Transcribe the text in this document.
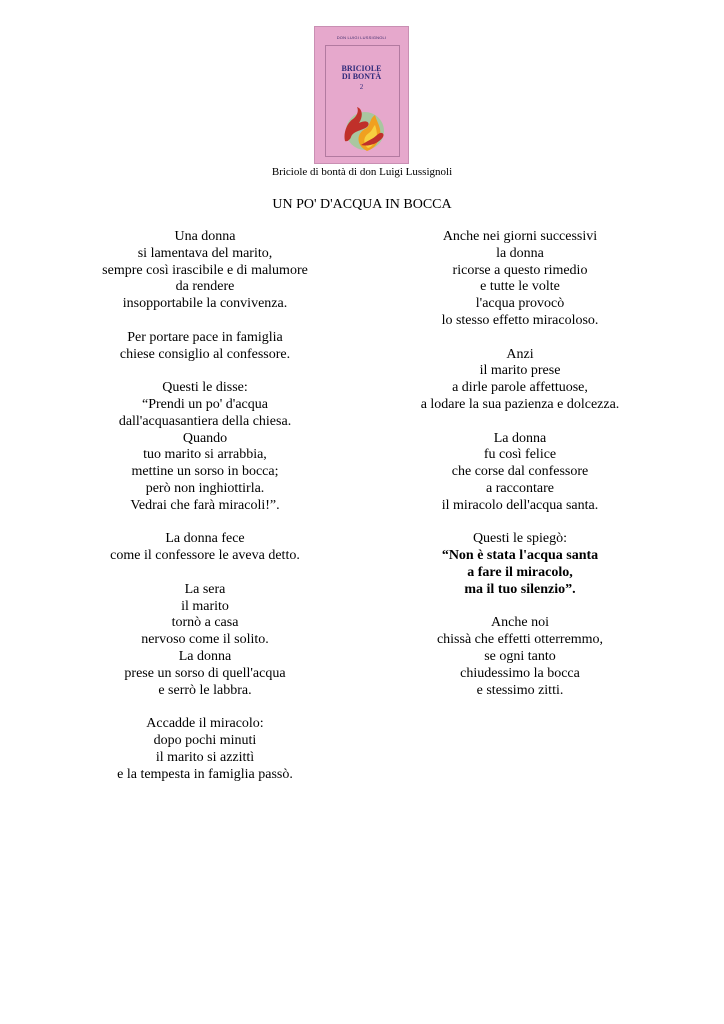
DON LUIGI LUSSIGNOLI
BRICIOLE
DI BONTÀ
2
Briciole di bontà di don Luigi Lussignoli
UN PO' D'ACQUA IN BOCCA
Una donna
si lamentava del marito,
sempre così irascibile e di malumore
da rendere
insopportabile la convivenza.
Per portare pace in famiglia
chiese consiglio al confessore.
Questi le disse:
“Prendi un po' d'acqua
dall'acquasantiera della chiesa.
Quando
tuo marito si arrabbia,
mettine un sorso in bocca;
però non inghiottirla.
Vedrai che farà miracoli!”.
La donna fece
come il confessore le aveva detto.
La sera
il marito
tornò a casa
nervoso come il solito.
La donna
prese un sorso di quell'acqua
e serrò le labbra.
Accadde il miracolo:
dopo pochi minuti
il marito si azzittì
e la tempesta in famiglia passò.
Anche nei giorni successivi
la donna
ricorse a questo rimedio
e tutte le volte
l'acqua provocò
lo stesso effetto miracoloso.
Anzi
il marito prese
a dirle parole affettuose,
a lodare la sua pazienza e dolcezza.
La donna
fu così felice
che corse dal confessore
a raccontare
il miracolo dell'acqua santa.
Questi le spiegò:
“Non è stata l'acqua santa
a fare il miracolo,
ma il tuo silenzio”.
Anche noi
chissà che effetti otterremmo,
se ogni tanto
chiudessimo la bocca
e stessimo zitti.
